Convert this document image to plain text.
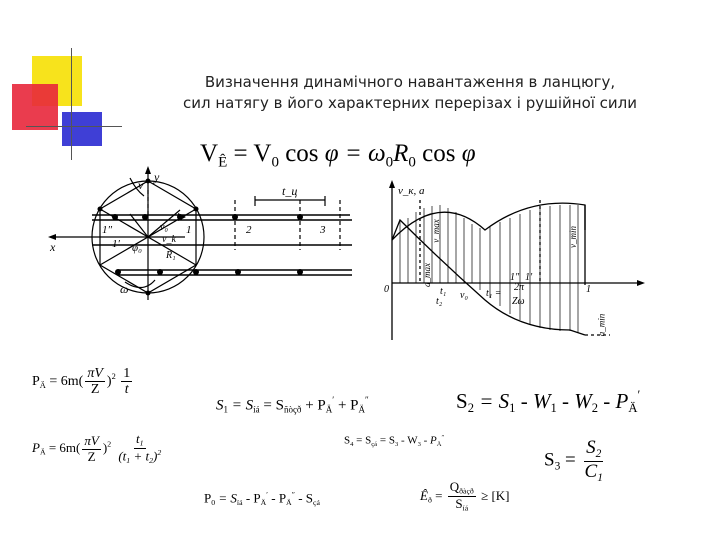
Визначення динамічного навантаження в ланцюгу,
сил натягу в його характерних перерізах і рушійної сили
$V_Ê = V_0$ $\cos \varphi = \omega_0R_0$ cos φ
y
x
v	t_ц
1″
1′
1	2	3
φ₀
v₀
v_k
R₁
ω
v_к, a
v_max
0	t₁ v₀
2π
Zω
t₁ =
t₂
1″ 1′
v_min
a_max
1
a_min
$P_Ä = 6m( \frac{\pi V}{Z} )^2 \frac{1}{t}$
$P_Ä = 6m( \frac{\pi V}{Z} )^2 \frac{t_1}{(t_1 + t_2)^2}$
$S_1 = S_{íá} = S_{ñòçð} + P_Ä' + P_Ä''$	$S_2 = S_1 - W_1 - W_2 - P_Ä'$
$S_4 = S_{çá} = S_3 - W_3 - P_Ä''$
$S_3 = \frac{S_2}{C_1}$
$P_0 = S_{íá} - P_Ä' - P_Ä'' - S_{çá}$	$Ê_ð = \frac{Q_{ðàçð}}{S_{íá}} \ge [K]$
